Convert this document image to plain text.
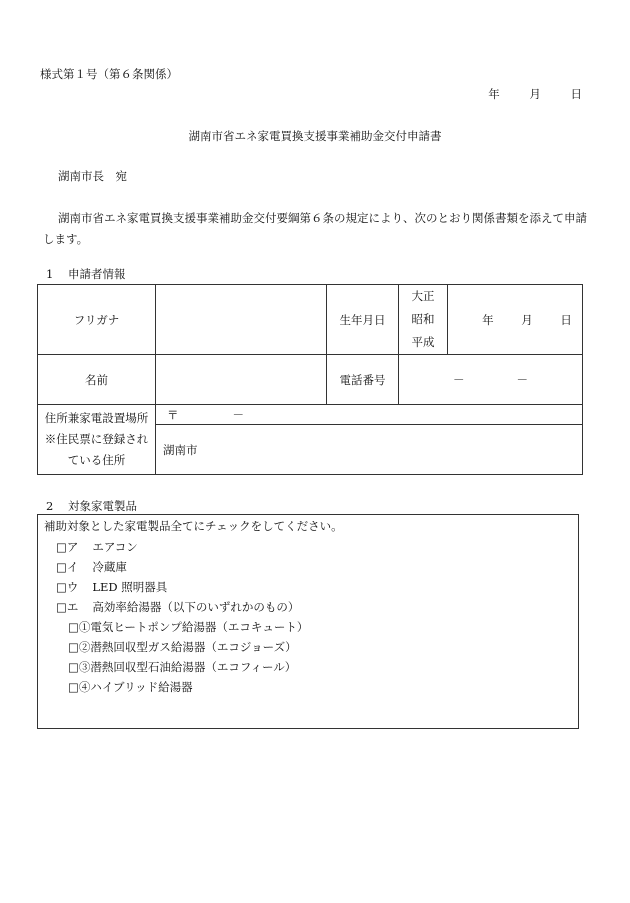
様式第１号（第６条関係）
年	月	日
湖南市省エネ家電買換支援事業補助金交付申請書
湖南市長　宛
湖南市省エネ家電買換支援事業補助金交付要綱第６条の規定により、次のとおり関係書類を添えて申請します。
1 申請者情報
フリガナ		生年月日	大正
昭和
平成	年 月 日
名前		電話番号	－ －	

住所兼家電設置場所
※住民票に登録され
ている住所	〒 －			
	湖南市			
2 対象家電製品
補助対象とした家電製品全てにチェックをしてください。
□ア エアコン
□イ 冷蔵庫
□ウ LED 照明器具
□エ 高効率給湯器（以下のいずれかのもの）
□①電気ヒートポンプ給湯器（エコキュート）
□②潜熱回収型ガス給湯器（エコジョーズ）
□③潜熱回収型石油給湯器（エコフィール）
□④ハイブリッド給湯器
